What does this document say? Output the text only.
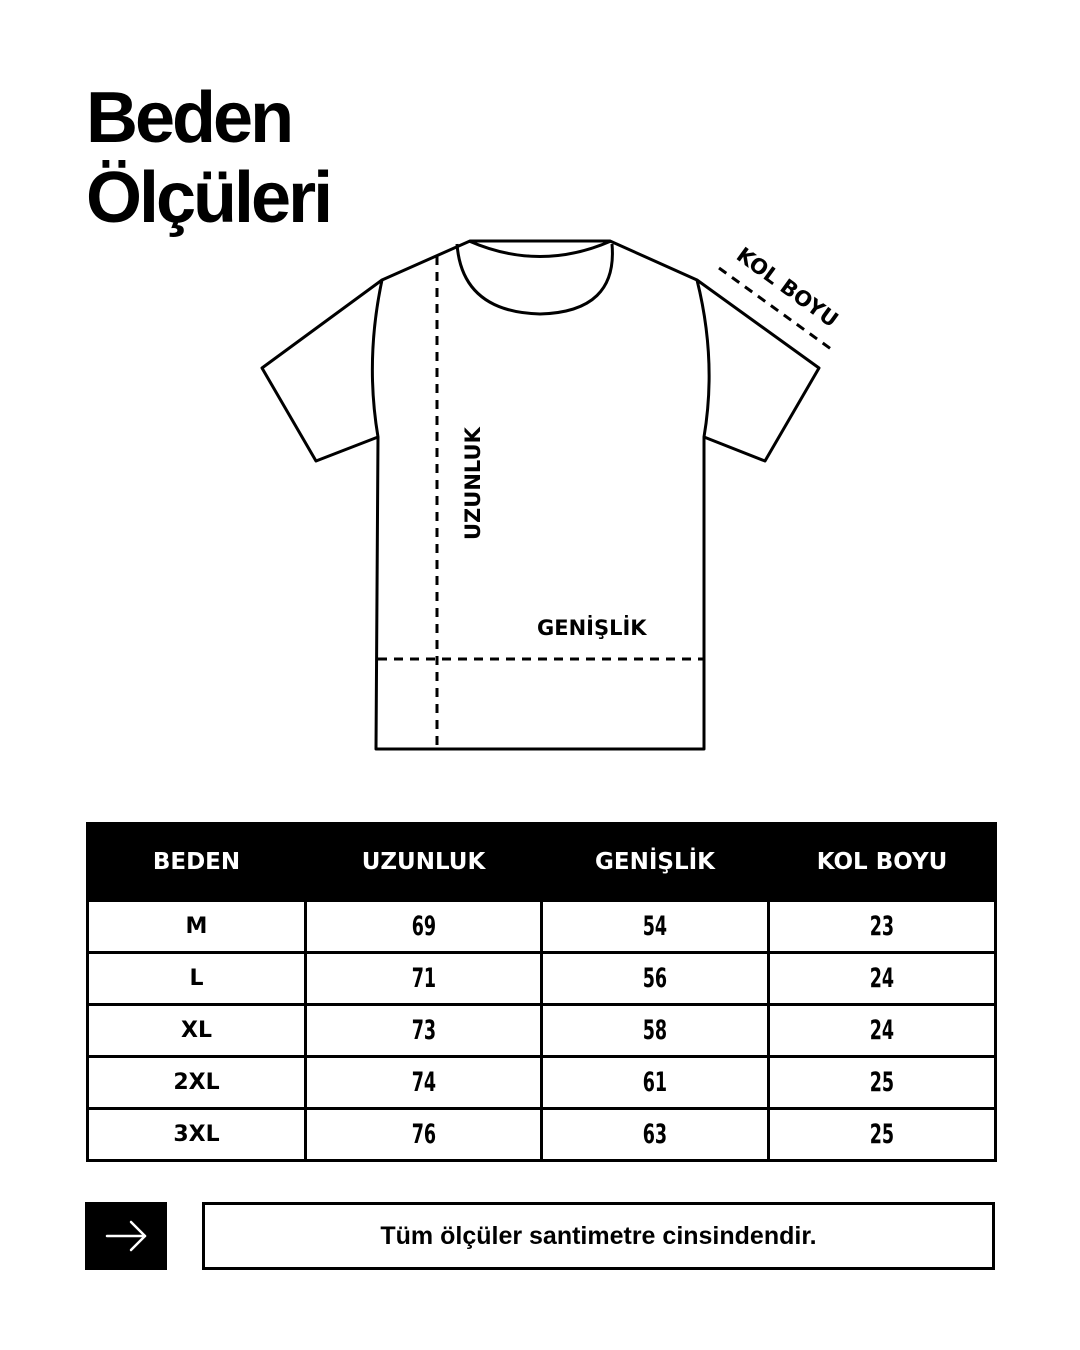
Beden
Ölçüleri
KOL BOYU
UZUNLUK
GENİŞLİK
BEDEN	UZUNLUK	GENİŞLİK	KOL BOYU
M	69	54	23
L	71	56	24
XL	73	58	24
2XL	74	61	25
3XL	76	63	25
Tüm ölçüler santimetre cinsindendir.
